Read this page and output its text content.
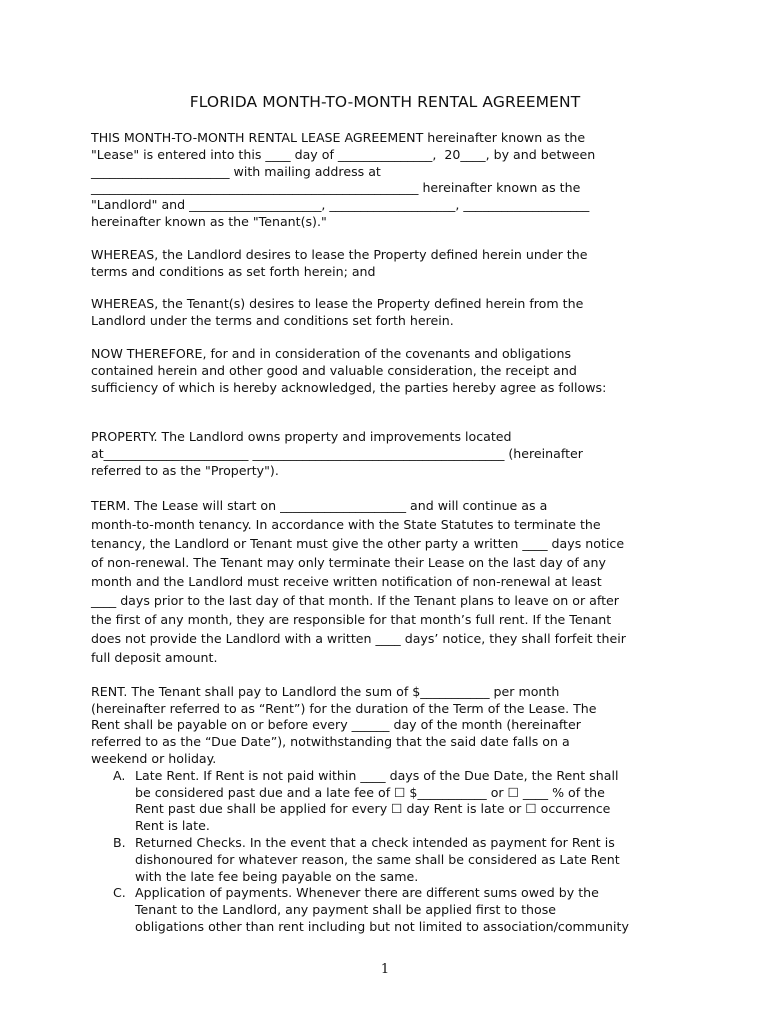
FLORIDA MONTH-TO-MONTH RENTAL AGREEMENT

THIS MONTH-TO-MONTH RENTAL LEASE AGREEMENT hereinafter known as the

"Lease" is entered into this ____ day of _______________,  20____, by and between

______________________ with mailing address at

____________________________________________________ hereinafter known as the

"Landlord" and _____________________, ____________________, ____________________

hereinafter known as the "Tenant(s)."

WHEREAS, the Landlord desires to lease the Property defined herein under the

terms and conditions as set forth herein; and

WHEREAS, the Tenant(s) desires to lease the Property defined herein from the

Landlord under the terms and conditions set forth herein.

NOW THEREFORE, for and in consideration of the covenants and obligations

contained herein and other good and valuable consideration, the receipt and

sufficiency of which is hereby acknowledged, the parties hereby agree as follows:

PROPERTY. The Landlord owns property and improvements located

at_______________________ ________________________________________ (hereinafter

referred to as the "Property").

TERM. The Lease will start on ____________________ and will continue as a

month-to-month tenancy. In accordance with the State Statutes to terminate the

tenancy, the Landlord or Tenant must give the other party a written ____ days notice

of non-renewal. The Tenant may only terminate their Lease on the last day of any

month and the Landlord must receive written notification of non-renewal at least

____ days prior to the last day of that month. If the Tenant plans to leave on or after

the first of any month, they are responsible for that month’s full rent. If the Tenant

does not provide the Landlord with a written ____ days’ notice, they shall forfeit their

full deposit amount.

RENT. The Tenant shall pay to Landlord the sum of $___________ per month

(hereinafter referred to as “Rent”) for the duration of the Term of the Lease. The

Rent shall be payable on or before every ______ day of the month (hereinafter

referred to as the “Due Date”), notwithstanding that the said date falls on a

weekend or holiday.

A. Late Rent. If Rent is not paid within ____ days of the Due Date, the Rent shall

be considered past due and a late fee of ☐ $___________ or ☐ ____ % of the

Rent past due shall be applied for every ☐ day Rent is late or ☐ occurrence

Rent is late.

B. Returned Checks. In the event that a check intended as payment for Rent is

dishonoured for whatever reason, the same shall be considered as Late Rent

with the late fee being payable on the same.

C. Application of payments. Whenever there are different sums owed by the

Tenant to the Landlord, any payment shall be applied first to those

obligations other than rent including but not limited to association/community

1
